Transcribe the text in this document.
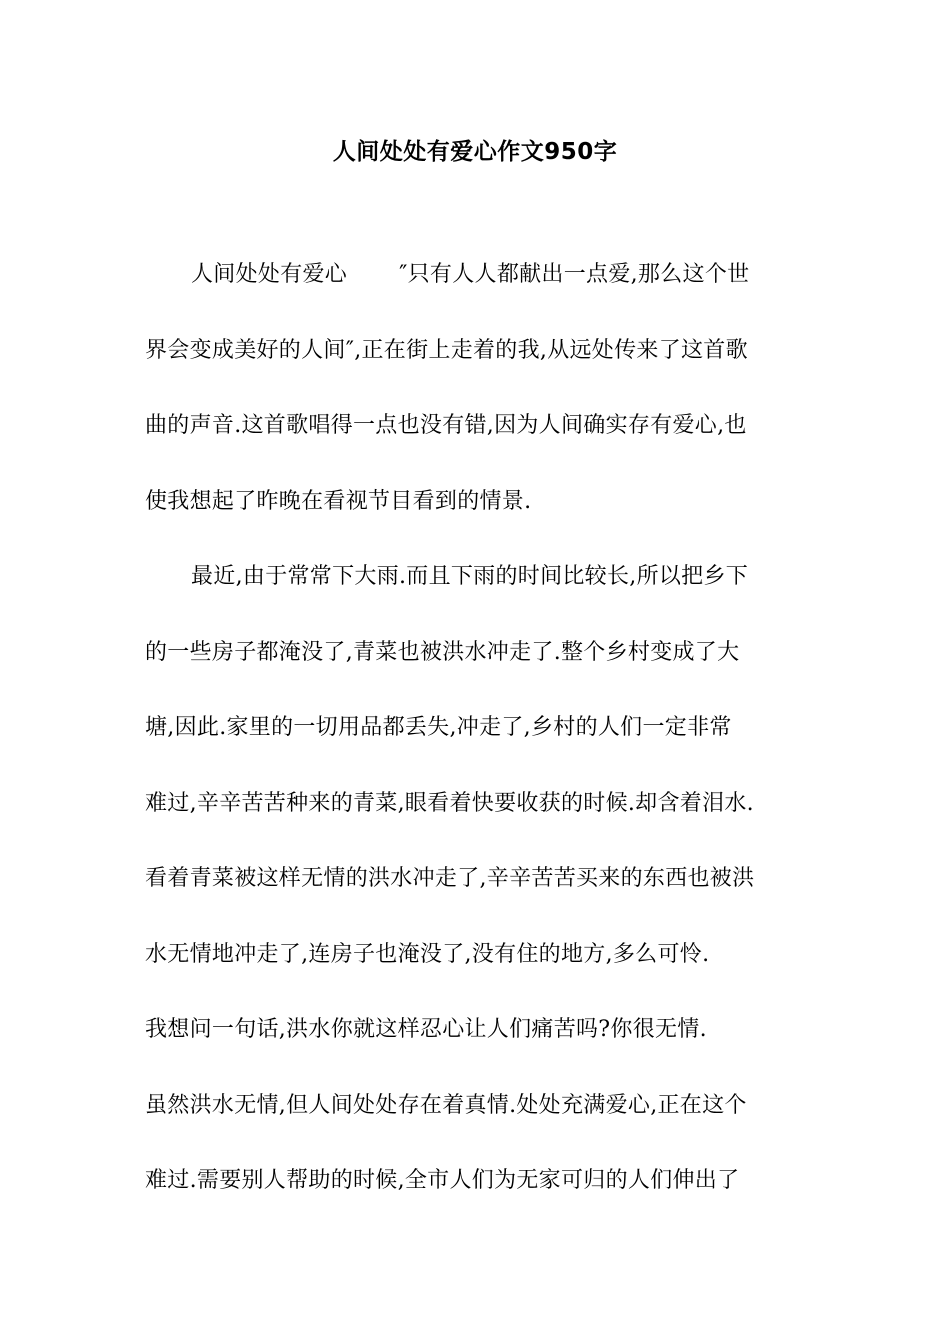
人间处处有爱心作文950字
人间处处有爱心 ″只有人人都献出一点爱,那么这个世
界会变成美好的人间″,正在街上走着的我,从远处传来了这首歌
曲的声音.这首歌唱得一点也没有错,因为人间确实存有爱心,也
使我想起了昨晚在看视节目看到的情景.
最近,由于常常下大雨.而且下雨的时间比较长,所以把乡下
的一些房子都淹没了,青菜也被洪水冲走了.整个乡村变成了大
塘,因此.家里的一切用品都丢失,冲走了,乡村的人们一定非常
难过,辛辛苦苦种来的青菜,眼看着快要收获的时候.却含着泪水.
看着青菜被这样无情的洪水冲走了,辛辛苦苦买来的东西也被洪
水无情地冲走了,连房子也淹没了,没有住的地方,多么可怜.
我想问一句话,洪水你就这样忍心让人们痛苦吗?你很无情.
虽然洪水无情,但人间处处存在着真情.处处充满爱心,正在这个
难过.需要别人帮助的时候,全市人们为无家可归的人们伸出了
